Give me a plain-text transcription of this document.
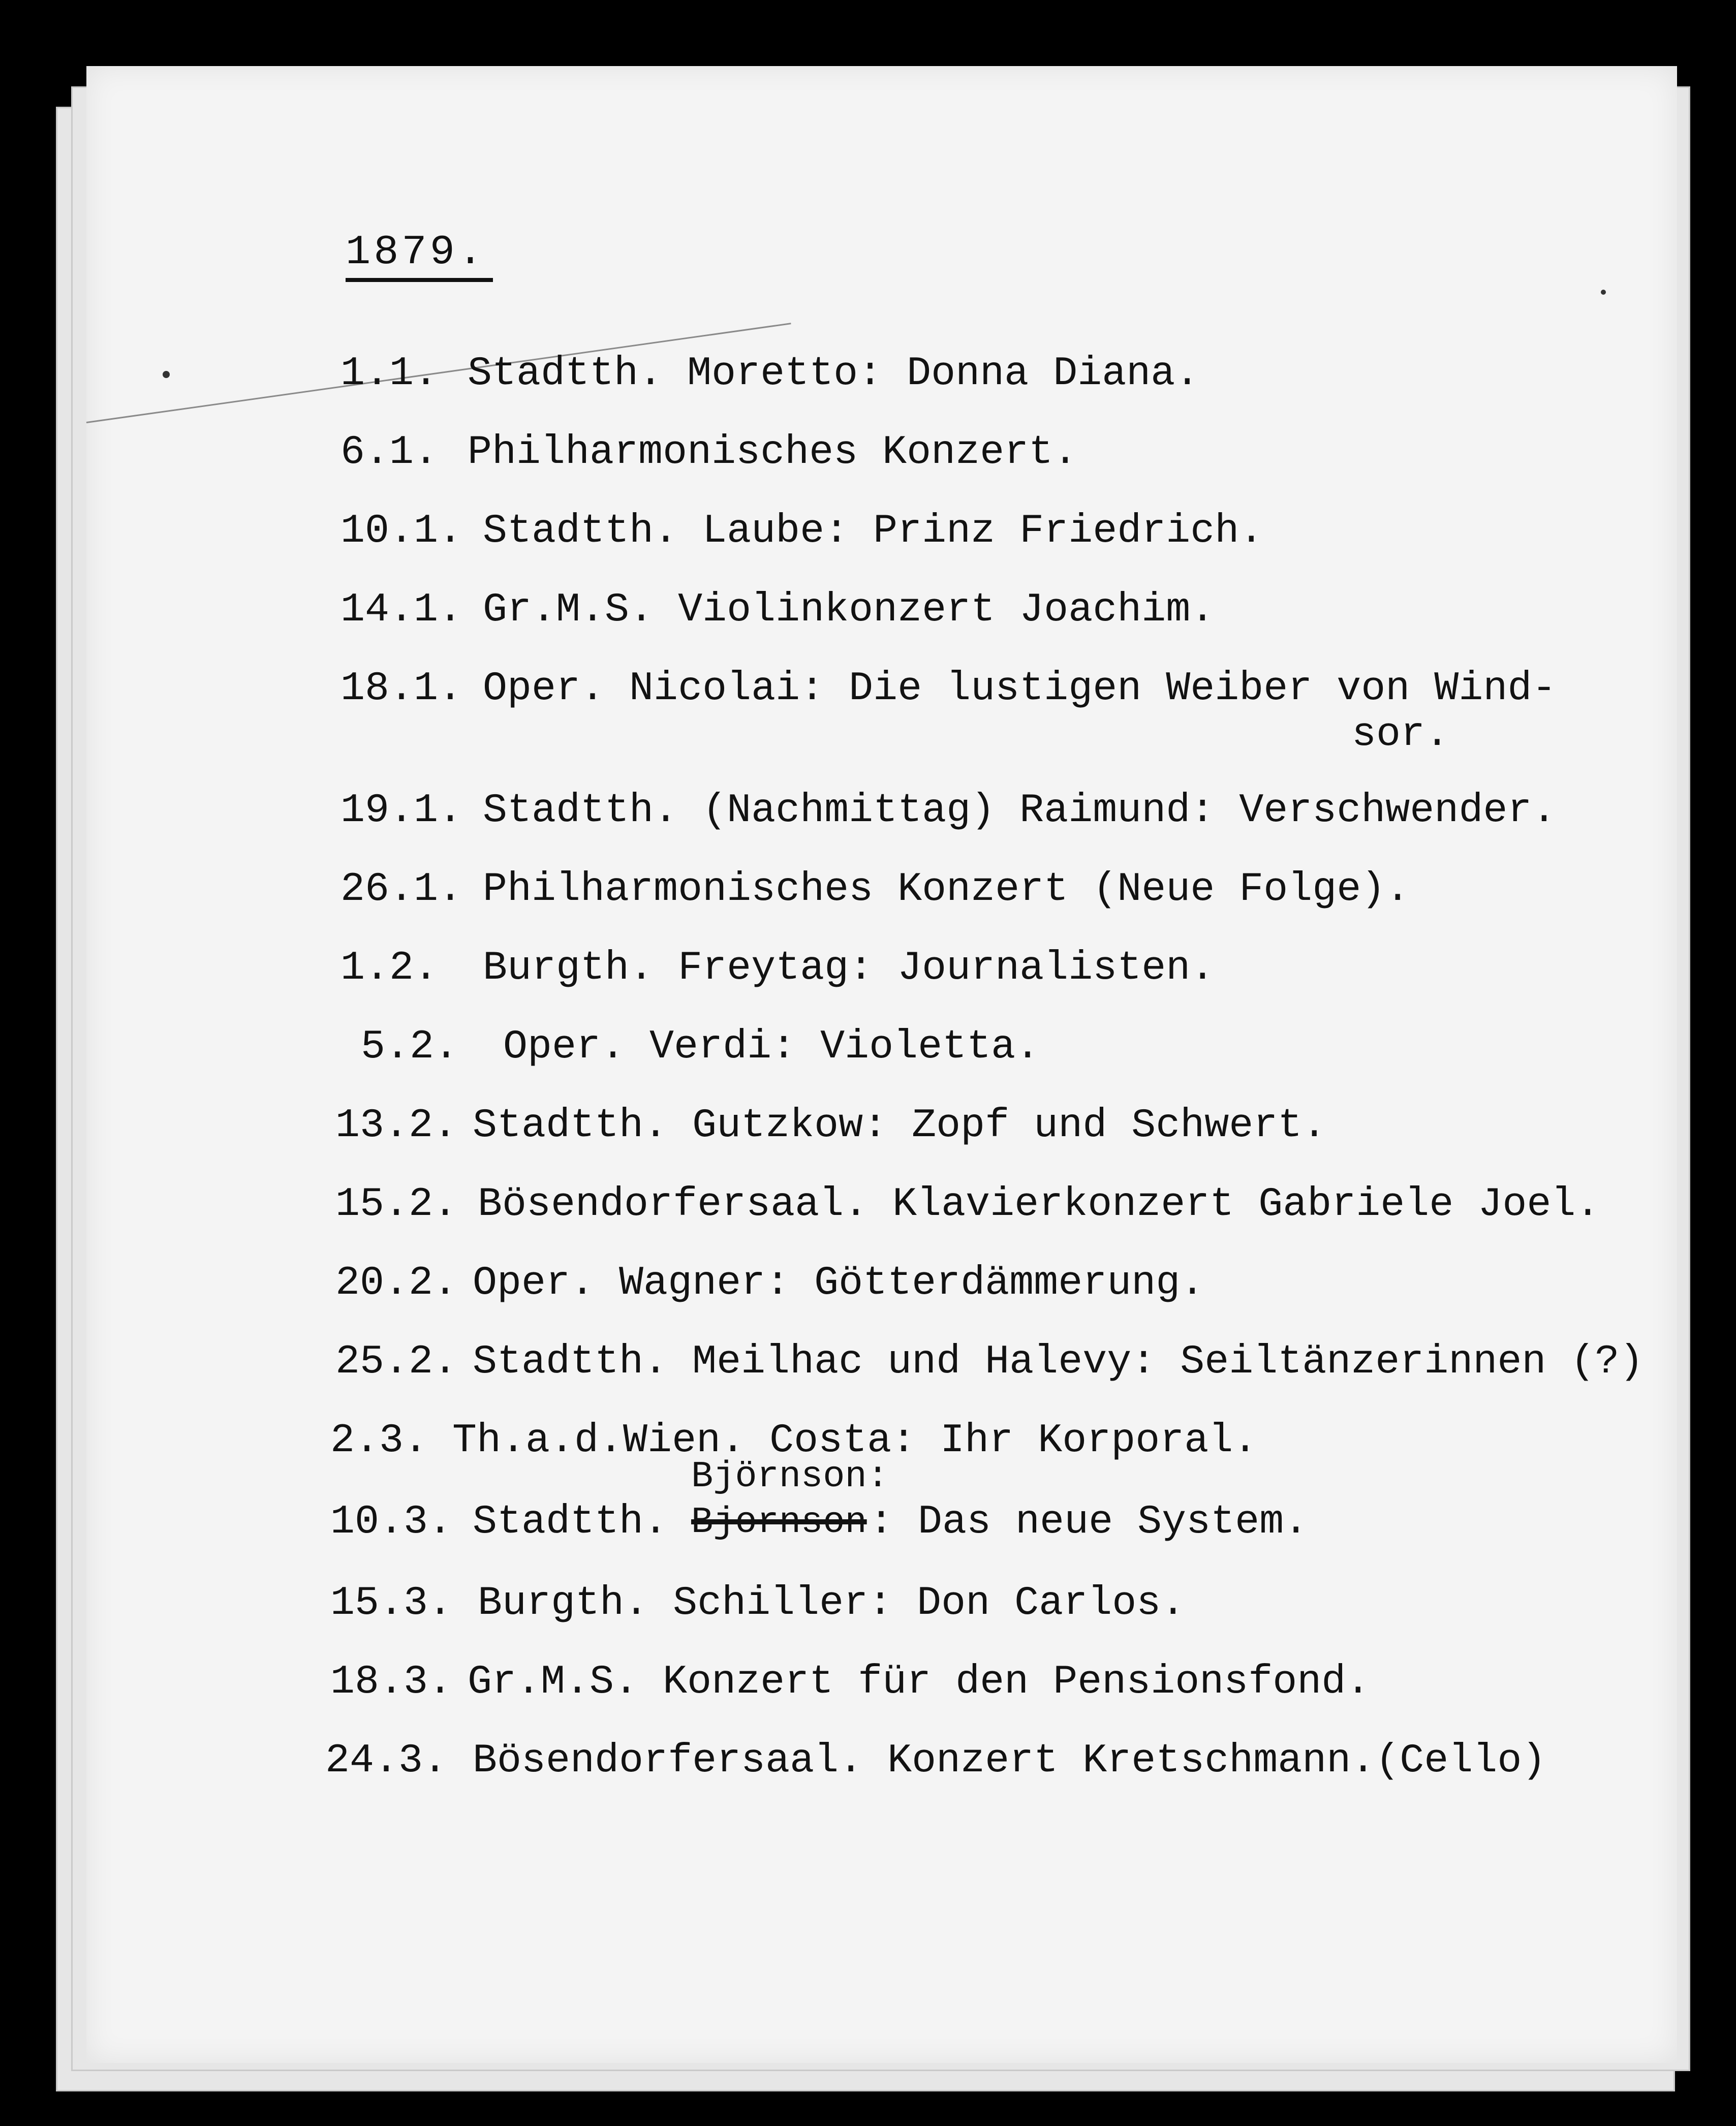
1879.
1.1. Stadtth. Moretto: Donna Diana.
6.1. Philharmonisches Konzert.
10.1. Stadtth. Laube: Prinz Friedrich.
14.1. Gr.M.S. Violinkonzert Joachim.
18.1. Oper. Nicolai: Die lustigen Weiber von Wind-
sor.
19.1. Stadtth. (Nachmittag) Raimund: Verschwender.
26.1. Philharmonisches Konzert (Neue Folge).
1.2. Burgth. Freytag: Journalisten.
5.2. Oper. Verdi: Violetta.
13.2. Stadtth. Gutzkow: Zopf und Schwert.
15.2. Bösendorfersaal. Klavierkonzert Gabriele Joel.
20.2. Oper. Wagner: Götterdämmerung.
25.2. Stadtth. Meilhac und Halevy: Seiltänzerinnen (?)
2.3. Th.a.d.Wien. Costa: Ihr Korporal.
10.3. Stadtth.
Björnson:
Bjornson : Das neue System.
15.3. Burgth. Schiller: Don Carlos.
18.3. Gr.M.S. Konzert für den Pensionsfond.
24.3. Bösendorfersaal. Konzert Kretschmann.(Cello)
